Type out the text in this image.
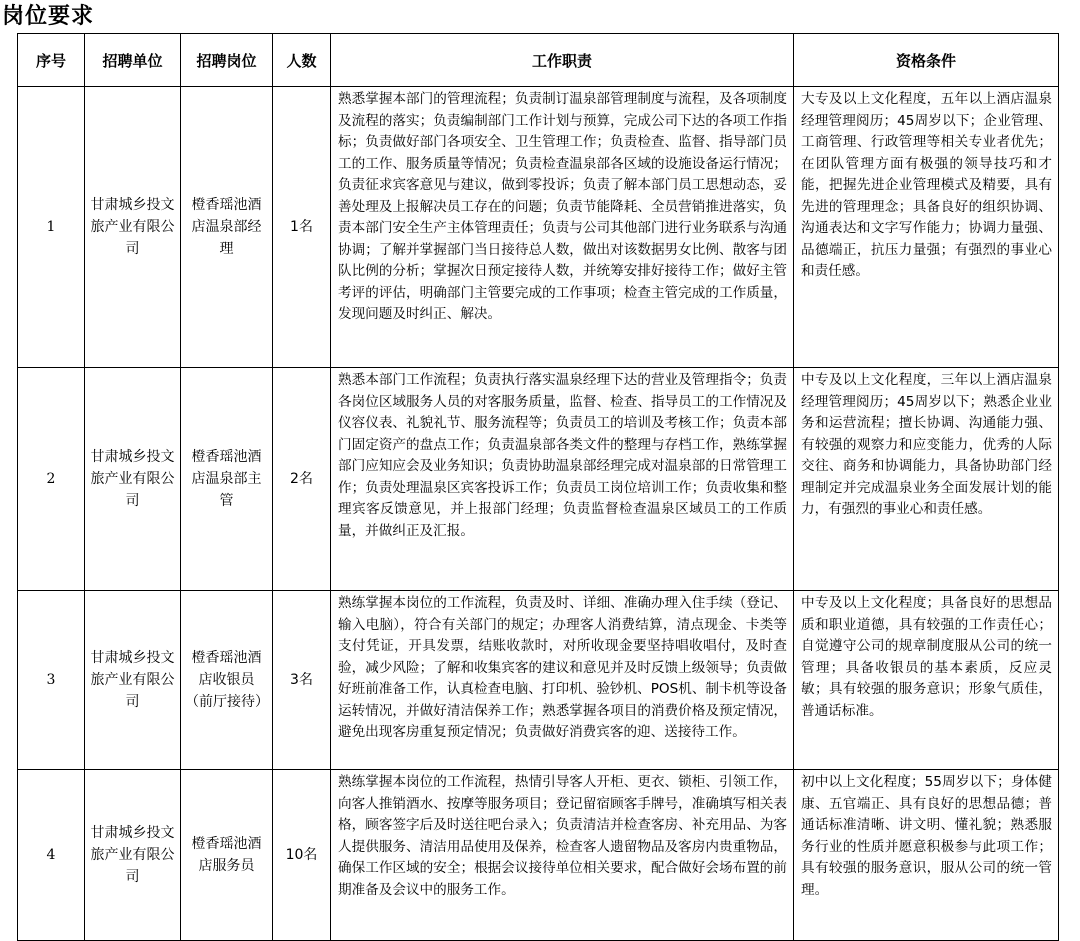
岗位要求
序号	招聘单位	招聘岗位	人数	工作职责	资格条件
1	甘肃城乡投文旅产业有限公司	橙香瑶池酒店温泉部经理	1名	熟悉掌握本部门的管理流程；负责制订温泉部管理制度与流程，及各项制度及流程的落实；负责编制部门工作计划与预算，完成公司下达的各项工作指标；负责做好部门各项安全、卫生管理工作；负责检查、监督、指导部门员工的工作、服务质量等情况；负责检查温泉部各区域的设施设备运行情况；负责征求宾客意见与建议，做到零投诉；负责了解本部门员工思想动态，妥善处理及上报解决员工存在的问题；负责节能降耗、全员营销推进落实，负责本部门安全生产主体管理责任；负责与公司其他部门进行业务联系与沟通协调；了解并掌握部门当日接待总人数，做出对该数据男女比例、散客与团队比例的分析；掌握次日预定接待人数，并统筹安排好接待工作；做好主管考评的评估，明确部门主管要完成的工作事项；检查主管完成的工作质量，发现问题及时纠正、解决。	大专及以上文化程度，五年以上酒店温泉经理管理阅历；45周岁以下；企业管理、工商管理、行政管理等相关专业者优先；在团队管理方面有极强的领导技巧和才能，把握先进企业管理模式及精要，具有先进的管理理念；具备良好的组织协调、沟通表达和文字写作能力；协调力量强、品德端正，抗压力量强；有强烈的事业心和责任感。
2	甘肃城乡投文旅产业有限公司	橙香瑶池酒店温泉部主管	2名	熟悉本部门工作流程；负责执行落实温泉经理下达的营业及管理指令；负责各岗位区域服务人员的对客服务质量，监督、检查、指导员工的工作情况及仪容仪表、礼貌礼节、服务流程等；负责员工的培训及考核工作；负责本部门固定资产的盘点工作；负责温泉部各类文件的整理与存档工作，熟练掌握部门应知应会及业务知识；负责协助温泉部经理完成对温泉部的日常管理工作；负责处理温泉区宾客投诉工作；负责员工岗位培训工作；负责收集和整理宾客反馈意见，并上报部门经理；负责监督检查温泉区域员工的工作质量，并做纠正及汇报。	中专及以上文化程度，三年以上酒店温泉经理管理阅历；45周岁以下；熟悉企业业务和运营流程；擅长协调、沟通能力强、有较强的观察力和应变能力，优秀的人际交往、商务和协调能力，具备协助部门经理制定并完成温泉业务全面发展计划的能力，有强烈的事业心和责任感。
3	甘肃城乡投文旅产业有限公司	橙香瑶池酒店收银员（前厅接待）	3名	熟练掌握本岗位的工作流程，负责及时、详细、准确办理入住手续（登记、输入电脑），符合有关部门的规定；办理客人消费结算，清点现金、卡类等支付凭证，开具发票，结账收款时，对所收现金要坚持唱收唱付，及时查验，减少风险；了解和收集宾客的建议和意见并及时反馈上级领导；负责做好班前准备工作，认真检查电脑、打印机、验钞机、POS机、制卡机等设备运转情况，并做好清洁保养工作；熟悉掌握各项目的消费价格及预定情况，避免出现客房重复预定情况；负责做好消费宾客的迎、送接待工作。	中专及以上文化程度；具备良好的思想品质和职业道德，具有较强的工作责任心；自觉遵守公司的规章制度服从公司的统一管理；具备收银员的基本素质，反应灵敏；具有较强的服务意识；形象气质佳，普通话标准。
4	甘肃城乡投文旅产业有限公司	橙香瑶池酒店服务员	10名	熟练掌握本岗位的工作流程，热情引导客人开柜、更衣、锁柜、引领工作，向客人推销酒水、按摩等服务项目；登记留宿顾客手牌号，准确填写相关表格，顾客签字后及时送往吧台录入；负责清洁并检查客房、补充用品、为客人提供服务、清洁用品使用及保养，检查客人遗留物品及客房内贵重物品，确保工作区域的安全；根据会议接待单位相关要求，配合做好会场布置的前期准备及会议中的服务工作。	初中以上文化程度；55周岁以下；身体健康、五官端正、具有良好的思想品德；普通话标准清晰、讲文明、懂礼貌；熟悉服务行业的性质并愿意积极参与此项工作；具有较强的服务意识，服从公司的统一管理。
